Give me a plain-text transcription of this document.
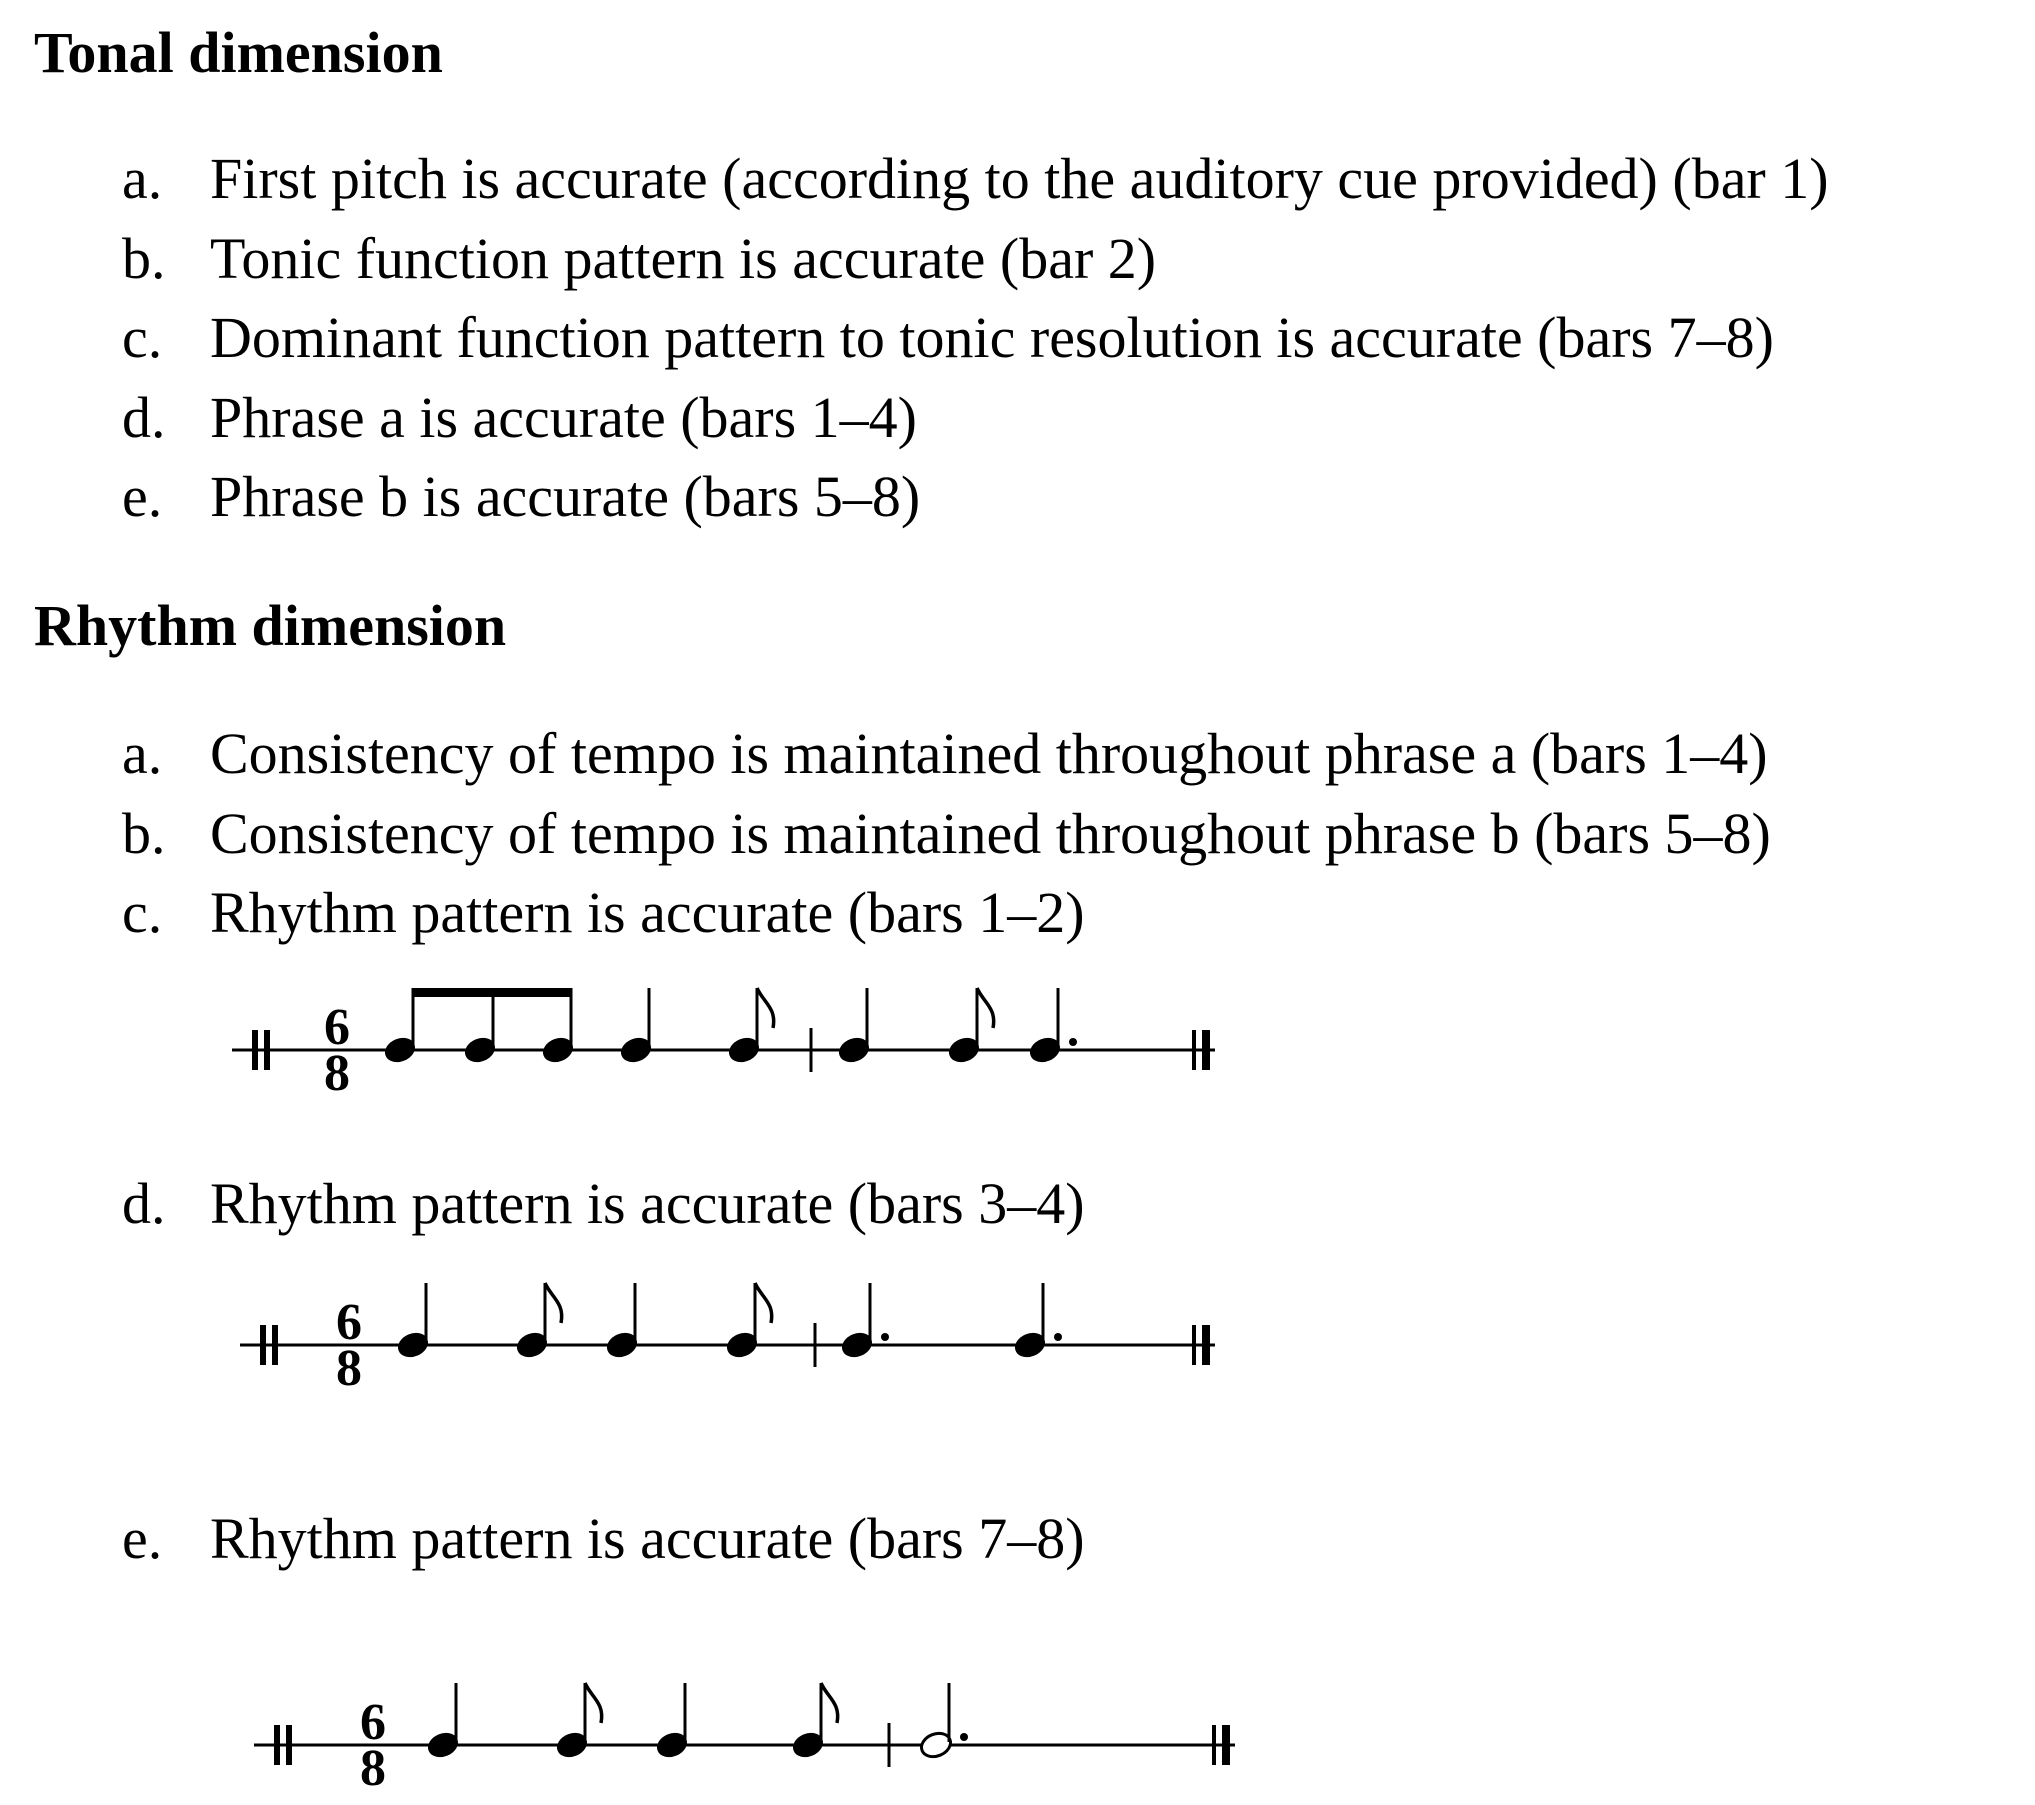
Tonal dimension
a. First pitch is accurate (according to the auditory cue provided) (bar 1)
b. Tonic function pattern is accurate (bar 2)
c. Dominant function pattern to tonic resolution is accurate (bars 7–8)
d. Phrase a is accurate (bars 1–4)
e. Phrase b is accurate (bars 5–8)
Rhythm dimension
a. Consistency of tempo is maintained throughout phrase a (bars 1–4)
b. Consistency of tempo is maintained throughout phrase b (bars 5–8)
c. Rhythm pattern is accurate (bars 1–2)
6
8
d. Rhythm pattern is accurate (bars 3–4)
6
8
e. Rhythm pattern is accurate (bars 7–8)
6
8
